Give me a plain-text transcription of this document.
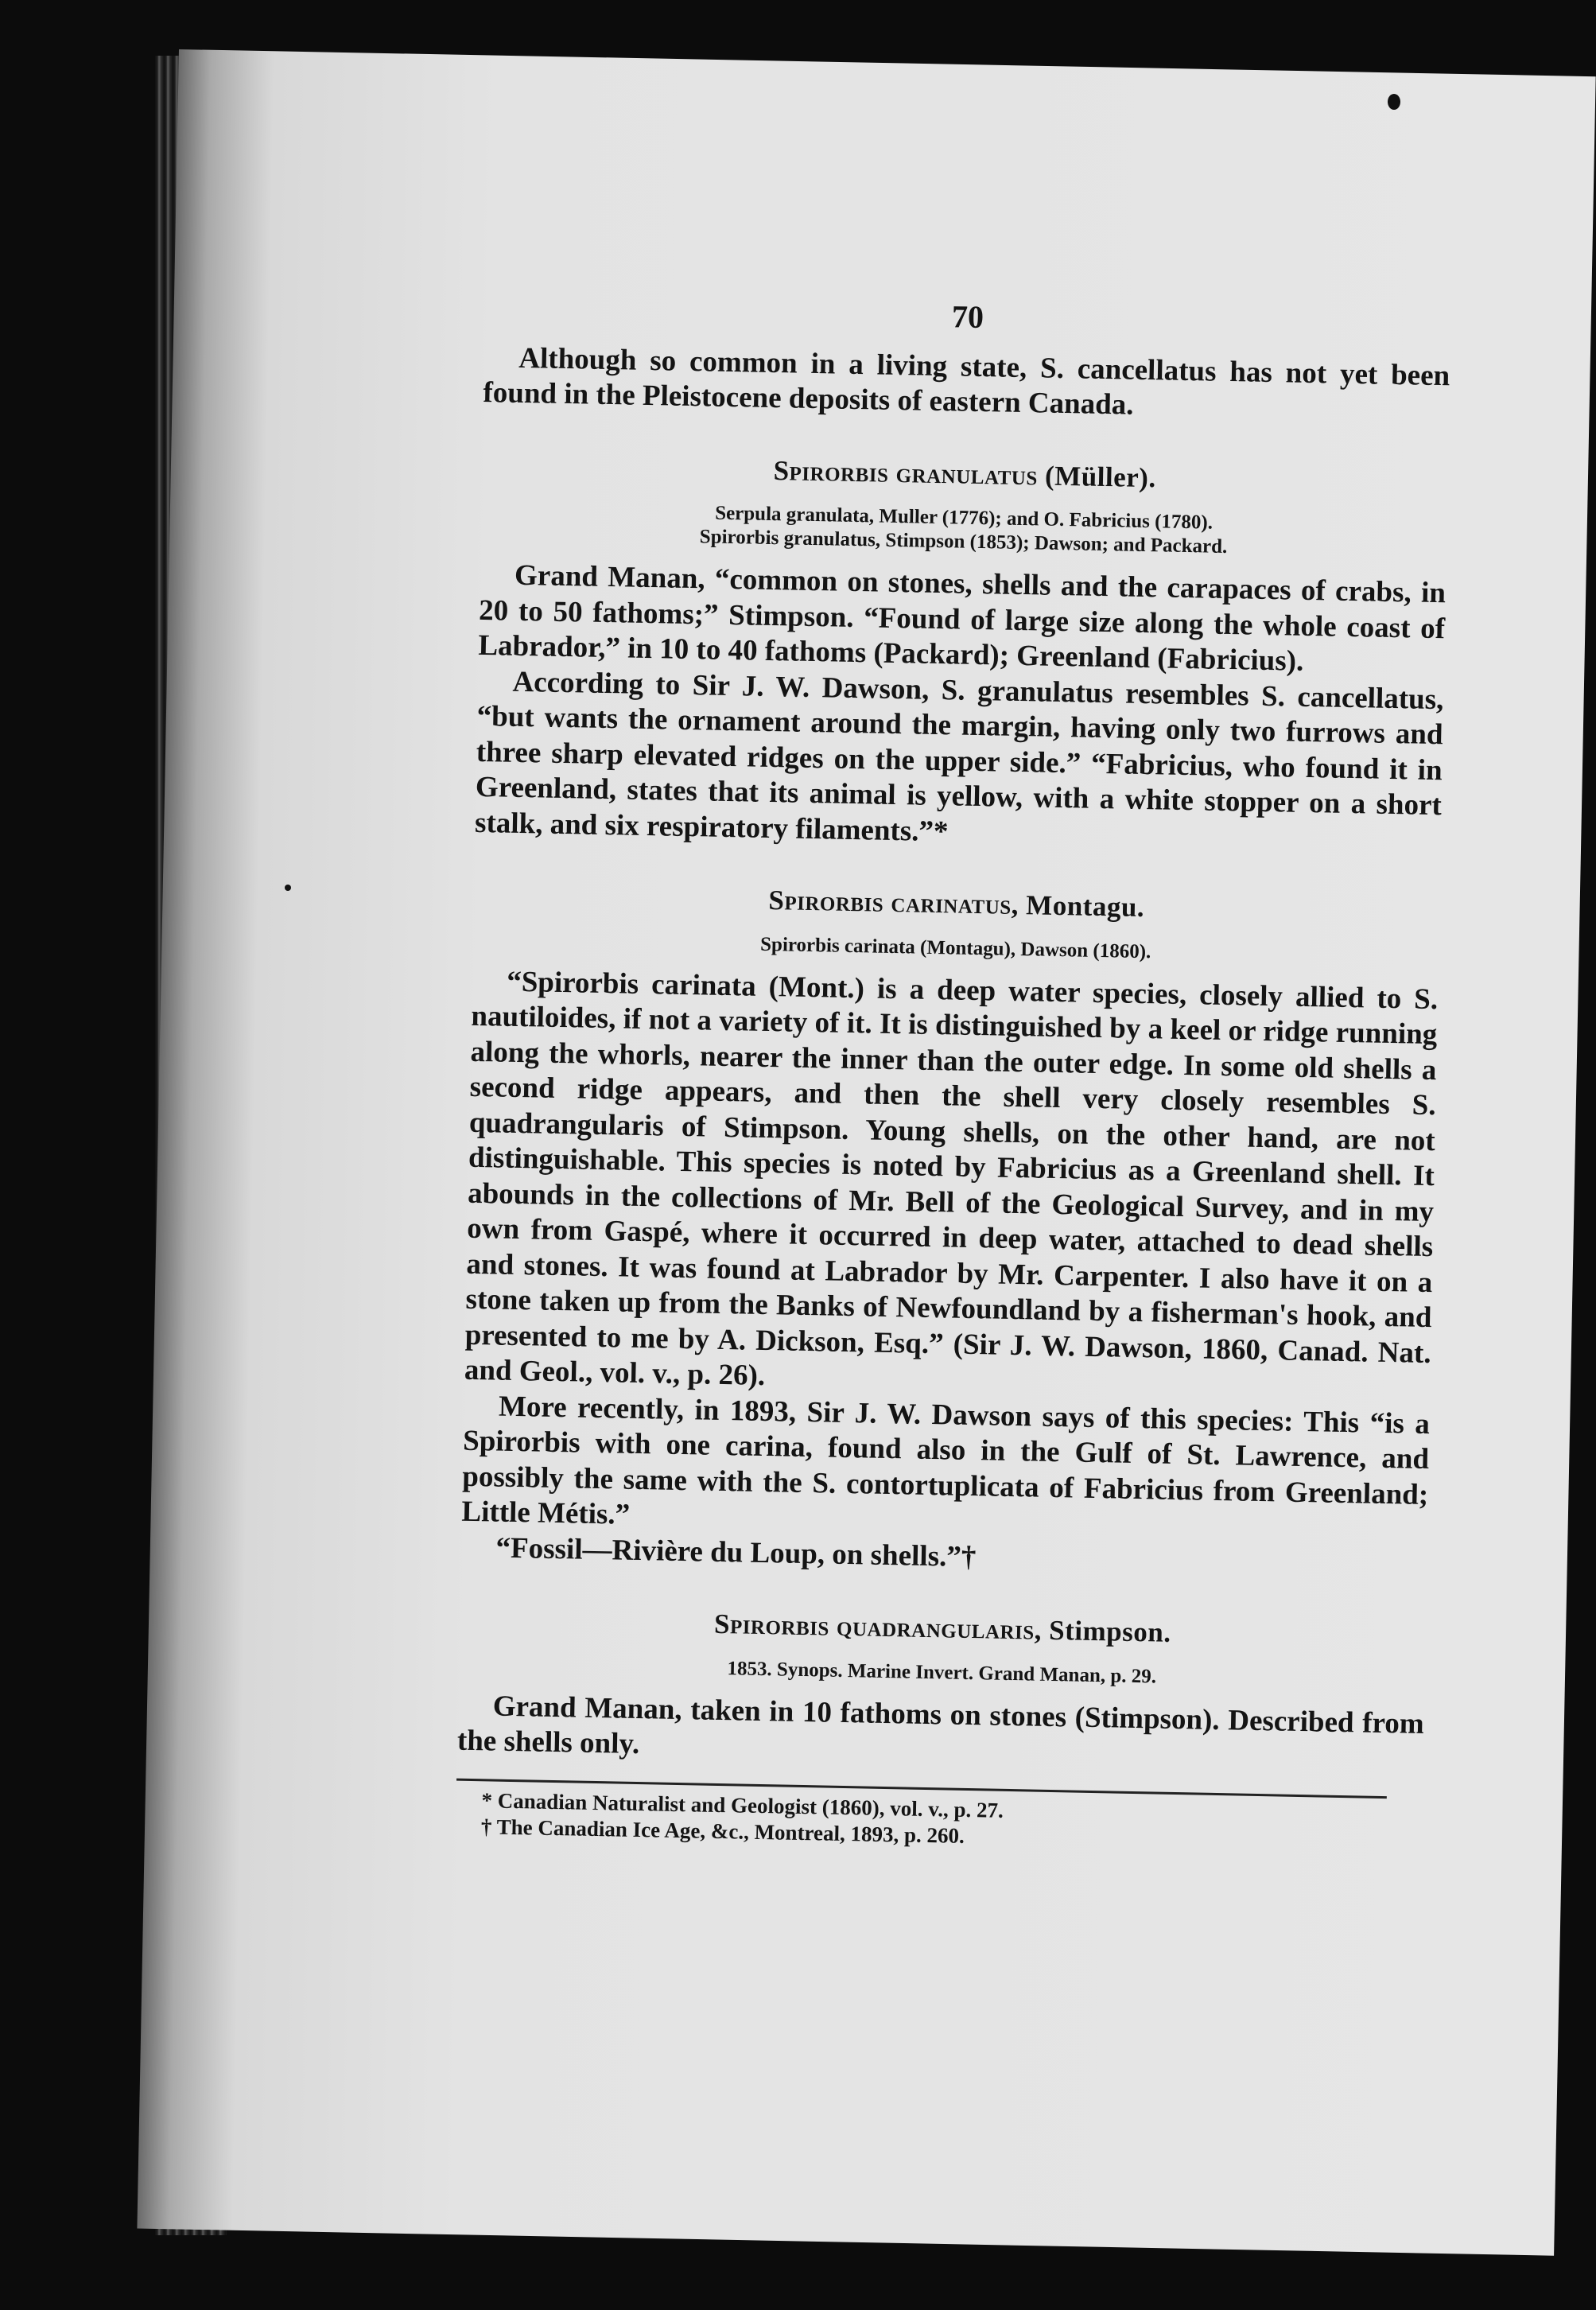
70

Although so common in a living state, S. cancellatus has not yet been found in the Pleistocene deposits of eastern Canada.

Spirorbis granulatus (Müller).
Serpula granulata, Muller (1776); and O. Fabricius (1780).
Spirorbis granulatus, Stimpson (1853); Dawson; and Packard.

Grand Manan, “common on stones, shells and the carapaces of crabs, in 20 to 50 fathoms;” Stimpson. “Found of large size along the whole coast of Labrador,” in 10 to 40 fathoms (Packard); Greenland (Fabricius).

According to Sir J. W. Dawson, S. granulatus resembles S. cancellatus, “but wants the ornament around the margin, having only two furrows and three sharp elevated ridges on the upper side.” “Fabricius, who found it in Greenland, states that its animal is yellow, with a white stopper on a short stalk, and six respiratory filaments.”*

Spirorbis carinatus, Montagu.
Spirorbis carinata (Montagu), Dawson (1860).

“Spirorbis carinata (Mont.) is a deep water species, closely allied to S. nautiloides, if not a variety of it. It is distinguished by a keel or ridge running along the whorls, nearer the inner than the outer edge. In some old shells a second ridge appears, and then the shell very closely resembles S. quadrangularis of Stimpson. Young shells, on the other hand, are not distinguishable. This species is noted by Fabricius as a Greenland shell. It abounds in the collections of Mr. Bell of the Geological Survey, and in my own from Gaspé, where it occurred in deep water, attached to dead shells and stones. It was found at Labrador by Mr. Carpenter. I also have it on a stone taken up from the Banks of Newfoundland by a fisherman's hook, and presented to me by A. Dickson, Esq.” (Sir J. W. Dawson, 1860, Canad. Nat. and Geol., vol. v., p. 26).

More recently, in 1893, Sir J. W. Dawson says of this species: This “is a Spirorbis with one carina, found also in the Gulf of St. Lawrence, and possibly the same with the S. contortuplicata of Fabricius from Greenland; Little Métis.”

“Fossil—Rivière du Loup, on shells.”†

Spirorbis quadrangularis, Stimpson.
1853. Synops. Marine Invert. Grand Manan, p. 29.

Grand Manan, taken in 10 fathoms on stones (Stimpson). Described from the shells only.

* Canadian Naturalist and Geologist (1860), vol. v., p. 27.
† The Canadian Ice Age, &c., Montreal, 1893, p. 260.
